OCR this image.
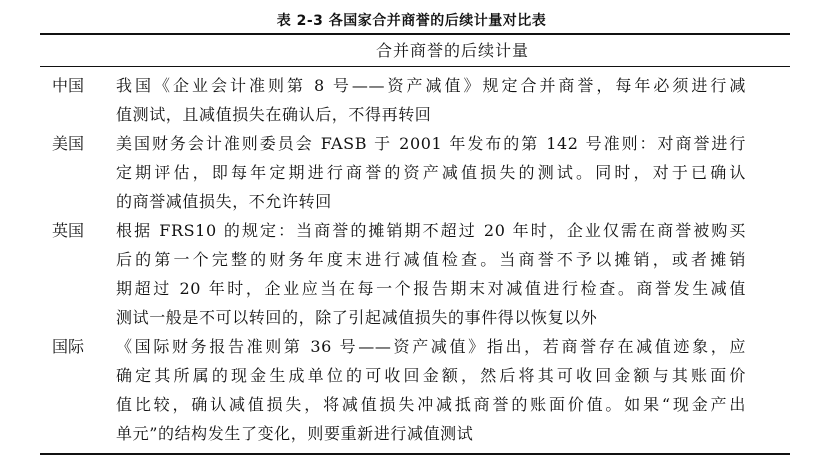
表 2-3 各国家合并商誉的后续计量对比表
合并商誉的后续计量
中国 我国《企业会计准则第 8 号——资产减值》规定合并商誉，每年必须进行减
值测试，且减值损失在确认后，不得再转回
美国 美国财务会计准则委员会 FASB 于 2001 年发布的第 142 号准则：对商誉进行
定期评估，即每年定期进行商誉的资产减值损失的测试。同时，对于已确认
的商誉减值损失，不允许转回
英国 根据 FRS10 的规定：当商誉的摊销期不超过 20 年时，企业仅需在商誉被购买
后的第一个完整的财务年度末进行减值检查。当商誉不予以摊销，或者摊销
期超过 20 年时，企业应当在每一个报告期末对减值进行检查。商誉发生减值
测试一般是不可以转回的，除了引起减值损失的事件得以恢复以外
国际 《国际财务报告准则第 36 号——资产减值》指出，若商誉存在减值迹象，应
确定其所属的现金生成单位的可收回金额，然后将其可收回金额与其账面价
值比较，确认减值损失，将减值损失冲减抵商誉的账面价值。如果“现金产出
单元”的结构发生了变化，则要重新进行减值测试
